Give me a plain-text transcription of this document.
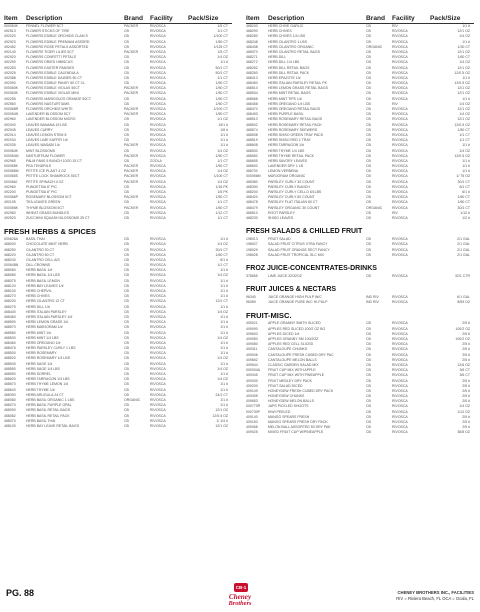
Item	Description	Brand	Facility	Pack/Size
000054K	FENNEL FLOWER 5CT	PACKER	RIVOSCA	1/5 CT
492513	FLOWER STICKS OF TIRE	CB	RIVOSCA	1/1 CT
492020	FLOWERS EDIBLE ORCHIDS CLAM S	CB	RIVOSCA	1/100 CT
492923	FLOWERS EDIBLE PREMIUM ASSSRD	CB	RIVOSCA	1/50 CT
492452	FLOWERS ROSE PETALS ASSORTED	CB	RIVOSCA	1/125 CT
492140	FLOWERS TIGER LILIES 5CT	PACKER	RIVOSCA	1/5 CT
492920	FLOWERS CONFETTI PETALS	CB	RIVOSCA	1/4 OZ
492290	FLOWERS DRIED HIBISCUS	CB	RIVOSCA	1/1 #
492283	FLOWERS EASTER PANSIES	CB	RIVOSCA	50/1 CT
492025	FLOWERS EDIBLE CALENDULA	CB	RIVOSCA	50/1 CT
492088	FLOWERS EDIBLE DAISIES 50 CT	CB	RIVOSCA	1/1 CT
492090	FLOWERS EDIBLE PANSY 50 CT CL	CB	RIVOSCA	1/50 CT
000060K	FLOWERS EDIBLE VIOLAS 50CT	PACKER	RIVOSCA	1/50 CT
000063K	FLOWERS EDIBLE VIOLAS MINI	PACKER	RIVOSCA	1/50 CT
492255	FLOWERS MARIGOLDS ORANGE 50CT	CB	RIVOSCA	1/50 CT
492560	FLOWERS NASTURTIUMS	CB	RIVOSCA	1/50 CT
000068R	FLOWERS ORCHIDS WHITE	PACKER	RIVOSCA	1/100 CT
000054N	LAVENDER BLOSSOM 5CT	PACKER	RIVOSCA	1/50 CT
492960	LAVENDER BLOSSOM MICRO	CB	RIVOSCA	1/1 OZ
492040	LEAVES BANANA 15 LBS	CB	RIVOSCA	15/1 #
492045	LEAVES CURRY	CB	RIVOSCA	1/8 #
492014	LEAVES LEMON STEM 8	CB	RIVOSCA	1/1 #
492034	LEAVES LIME KAFFIR 1/#	CB	RIVOSCA	1/1 #
492035	LEAVES WASABI 1/#	PACKER	RIVOSCA	1/1 #
000064K	MINT BLOSSOMS	CB	RIVOSCA	1/4 OZ
000054M	NASTURTIUM FLOWER	PACKER	RIVOSCA	1/50 CT
492965	PALM FANS 5 BUNCH 10/20 15 CT	CB	ZOOLA	1/1 CT
000065K	PEA TENDRILS	PACKER	RIVOSCA	1/50 CT
000065M	PETITE ICE PLANT 4 OZ	PACKER	RIVOSCA	1/4 OZ
000065S	PETITE LOCK SHAMROCK 50CT	PACKER	RIVOSCA	1/100 CT
000066J	PETITE SPINACH 4 OZ	PACKER	RIVOSCA	1/4 OZ
492960	PUNGETSIA 8" PIC	CB	RIVOSCA	1/16 PK
492200	PUNGETSIA 8" PIC	CB	RIVOSCA	1/6 PK
000066P	ROSEMARY BLOSSOM 5CT	PACKER	RIVOSCA	1/50 CT
492195	TEA LEAVES GREEN	CB	RIVOSCA	1/1 CT
000056K	THYME BLOSSOM 5CT	PACKER	RIVOSCA	1/50 CT
492960	WHEAT GRASS BUNDLES	CB	RIVOSCA	1/12 CT
492520	ZUCCHINI SQUASH BLOSSOMS 25 CT	CB	RIVOSCA	1/1 CT
FRESH HERBS & SPICES
000626A	BASIL THAI	CB	RIVOSCA	1/1 #
468000	CHOCOLATE MINT HERB	CB	RIVOSCA	1/4 OZ
468250	CILANTRO 30 CT	CB	RIVOSCA	30/1 CT
468220	CILANTRO 60 CT	CB	RIVOSCA	1/60 CT
468240	CILANTRO CELL A/S	CB	RIVOSCA	6/1 #
000648N	DILL CROWNS	CB	RIVOSCA	1/1 CT
468060	HERB BASIL 1/#	CB	RIVOSCA	1/1 #
468080	HERB BASIL 1/4 LBS	CB	RIVOSCA	1/4 OZ
468075	HERB BASIL LEMON	CB	RIVOSCA	1/1 #
468120	HERB BAY LEAVES 1/#	CB	RIVOSCA	1/1 #
468100	HERB CHERVIL	CB	RIVOSCA	1/1 #
468270	HERB CHIVES	CB	RIVOSCA	1/1 #
468230	HERB CILANTRO 12 CT	CB	RIVOSCA	12/1 CT
468275	HERB DILL 1/#	CB	RIVOSCA	1/1 #
468440	HERB ITALIAN PARSLEY	CB	RIVOSCA	1/4 OZ
468460	HERB ITALIAN PARSLEY 1/#	CB	RIVOSCA	1/1 #
468590	HERB LEMON GRASS 1/#	CB	RIVOSCA	1/1 #
468570	HERB MARJORAM 1/#	CB	RIVOSCA	1/1 #
468560	HERB MINT 1/#	CB	RIVOSCA	1/1 #
468530	HERB MINT 1/4 LBS	CB	RIVOSCA	1/4 OZ
468460	HERB OREGANO 1/#	CB	RIVOSCA	1/1 #
468476	HERB PARSLEY CURLY 1 LBS	CB	RIVOSCA	1/1 #
468500	HERB ROSEMARY	CB	RIVOSCA	1/1 #
468520	HERB ROSEMARY 1/4 LBS	CB	RIVOSCA	1/4 OZ
468540	HERB SAGE 1/#	CB	RIVOSCA	1/1 #
468550	HERB SAGE 1/4 LBS	CB	RIVOSCA	1/4 OZ
468590	HERB SORREL	CB	RIVOSCA	1/1 #
468620	HERB TARRAGON 1/4 LBS	CB	RIVOSCA	1/4 OZ
468670	HERB THYME LEMON 1/#	CB	RIVOSCA	1/1 #
468640	HERB THYME 1/#	CB	RIVOSCA	1/1 #
468390	HERB ARUGULA 24 CT	CB	RIVOSCA	24/1 CT
468060	HERB BASIL ORGANIC 1 LBS	ORGANIC	RIVOSCA	1/1 #
468070	HERB BASIL PURPLE OPAL	CB	RIVOSCA	1/1 #
468090	HERB BASIL RETAIL BAGS	CB	RIVOSCA	12/1 OZ
468082	HERB BASIL RETAIL PACK	CB	RIVOSCA	12/0.5 OZ
468070	HERB BASIL THAI	CB	RIVOSCA	1/ 1/4 #
468100	HERB BAY LEAVE RETAIL BAGS	CB	RIVOSCA	12/1 OZ
Item	Description	Brand	Facility	Pack/Size
468240	HERB CHIVE GARLIC	CB	RIV	1/1 #
468290	HERB CHIVES	CB	RIVOSCA	12/1 OZ
468280	HERB CHIVES 1/4 LBS	CB	RIVOSCA	1/4 OZ
468248	HERB CILANTRO 1 LBS	CB	RIVOSCA	1/1 #
468438	HERB CILANTRO ORGANIC	ORGANIC	RIVOSCA	1/30 CT
468370	HERB CILANTRO RETAIL BAGS	CB	RIVOSCA	12/1 OZ
468271	HERB DILL	CB	RIVOSCA	1/60 CT
468272	HERB DILL 1/4 LBS	CB	RIVOSCA	1/4 OZ
468262	HERB DILL RETAIL BAGS	CB	RIVOSCA	12/1 OZ
468260	HERB DILL RETAIL PACK	CB	RIVOSCA	12/0.5 OZ
468410	HERB EPAZOTE 1/#	CB	RIVOSCA	1/1 #
468450	HERB ITALIAN PARSLEY RETAIL PK	CB	RIVOSCA	12/0.5 OZ
468510	HERB LEMON GRASS RETAIL BAGS	CB	RIVOSCA	12/1 OZ
468534	HERB MINT RETAIL BAGS	CB	RIVOSCA	12/1 OZ
468568	HERB MINT TIPS 1/#	CB	RIVOSCA	1/1 #
468458	HERB OREGANO 1/4 LBS	CB	RIV	1/4 OZ
468470	HERB OREGANO RETAIL BAGS	CB	RIVOSCA	12/1 OZ
468493	HERB PURPLE BASIL	CB	RIVOSCA	1/4 OZ
468510	HERB ROSEMARY RETAIL BAGS	CB	RIVOSCA	12/1 OZ
468502	HERB ROSEMARY RETAIL PACK	CB	RIVOSCA	12/0.5 OZ
468574	HERB ROSEMARY SKEWERS	CB	RIVOSCA	1/50 CT
468538	HERB SHISO GREEN TRAY PACK	CB	RIVOSCA	1/1 CT
468519	HERB SHISO RED 1 TRAY	CB	RIVOSCA	1/1 CT
468608	HERB TARRAGON 1/#	CB	RIVOSCA	1/1 #
468530	HERB THYME 1/4 LBS	CB	RIVOSCA	1/4 OZ
468650	HERB THYME RETAIL PACK	CB	RIVOSCA	12/0.5 OZ
468655	HERB SAVORY LEAVES	CB	RIVOSCA	1/1 #
468600	LAVENDER DRY 1 LB	CB	RIVOSCA	1/1 #
468700	LEMON VERBENA	CB	RIVOSCA	1/1 #
000056M	MARJORAM ORGANIC	CB	RIVOSCA	1/ 75 OZ
468380	PARSLEY CURLY 30 COUNT	CB	RIVOSCA	30/1 CT
468390	PARSLEY CURLY BUNCH	CB	RIVOSCA	6/1 CT
468200	PARSLEY CURLY CELLO 6/1LBS	CB	RIVOSCA	6/1 #
468420	PARSLEY CURLY 60 COUNT	CB	RIVOSCA	1/60 CT
468478	PARSLEY FLAT ITALIAN 60 CT	CB	RIVOSCA	1/60 CT
468479	PARSLEY ORGANIC 30 COUNT	ORGANIC	RIVOSCA	30/1 CT
468510	ROOT PARSLEY	CB	RIV	1/12 #
468230	SHISO LEAVES	CB	RIVOSCA	1/2 #
FRESH SALADS & CHILLED FRUIT
198013	FRUIT SALAD	CB	RIVOSCA	2/1 GAL
198027	SALAD FRUIT CITRUS XTRA FANCY	CB	RIVOSCA	2/1 GAL
198029	SALAD FRUIT ORANGE SECT FANCY	CB	RIVOSCA	2/1 GAL
198028	SALAD FRUIT TROPICAL SLC MIX	CB	RIVOSCA	2/1 GAL
FROZ JUICE-CONCENTRATES-DRINKS
378655	LIME JUICE 32/32OZ	CB	RIVOSCA	32/1 CTR
FRUIT JUICES & NECTARS
96340	JUICE ORANGE HIGH PULP W/C	IND RIV	RIVOSCA	6/1 GAL
96359	JUICE ORANGE PURE W/C HI-PULP	IND RIV	RIVOSCA	8/59 OZ
FRUIT-MISC.
409021	APPLE GRANNY SMITH SLICED	CB	RIVOSCA	2/5 #
409090	APPLES RED SLICED 100/2 OZ BG	CB	RIVOSCA	100/2 OZ
409600	APPLES DICED 1/#	CB	RIVOSCA	2/5 #
409050	APPLES GRANNY SM 100/2OZ	CB	RIVOSCA	100/2 OZ
409080	APPLES RED CELL SLICED	CB	RIVOSCA	2/5 #
409311	CANTALOUPE CHUNKS	CB	RIVOSCA	2/5 #
409046	CANTALOUPE FRESH CUBED DRY PAC	CB	RIVOSCA	2/5 #
409652	CANTALOUPE MELON BALLS	CB	RIVOSCA	2/5 #
409544	CLASSIC GARDEN SALAD MIX	CB	RIVOSCA	12/6 OZ
000034A	FRUIT CUP MIX WITH APPLE	CB	RIVOSCA	3/6 CT
409345	FRUIT CUP MIX WITH PINEAPPLE	CB	RIVOSCA	3/6 CT
409330	FRUIT MEDLEY DRY PACK	CB	RIVOSCA	2/5 #
409200	FRUIT SALAD DICED	CB	RIVOSCA	2/5 #
409149	HONEYDEW FRESH CUBED DRY PACK	CB	RIVOSCA	2/5 #
409305	HONEYDEW CHUNKS	CB	RIVOSCA	2/5 #
409653	HONEYDEW MELON BALLS	CB	RIVOSCA	2/5 #
000770R	JAPS PICKLED SHOOTS	CB	RIVOSCA	1/4 OZ
000730P	KIWI PEELED	CB	RIVOSCA	1/12 OZ
409140	MANGO SPEARS FRESH	CB	RIVOSCA	2/5 #
409150	MANGO SPEARS FRESH DRY PACK	CB	RIVOSCA	2/5 #
409068	MELON BALL ASSORTED 50 DRY PAK	CB	RIVOSCA	2/5 #
409025	MIXED FRUIT CUP W/PINEAPPLE	CB	RIVOSCA	36/8 OZ
PG. 88
CB-1
Cheney
Brothers
CHENEY BROTHERS INC., FACILITIES
RIV = Riviera Beach, FL OCA = Ocala, FL
